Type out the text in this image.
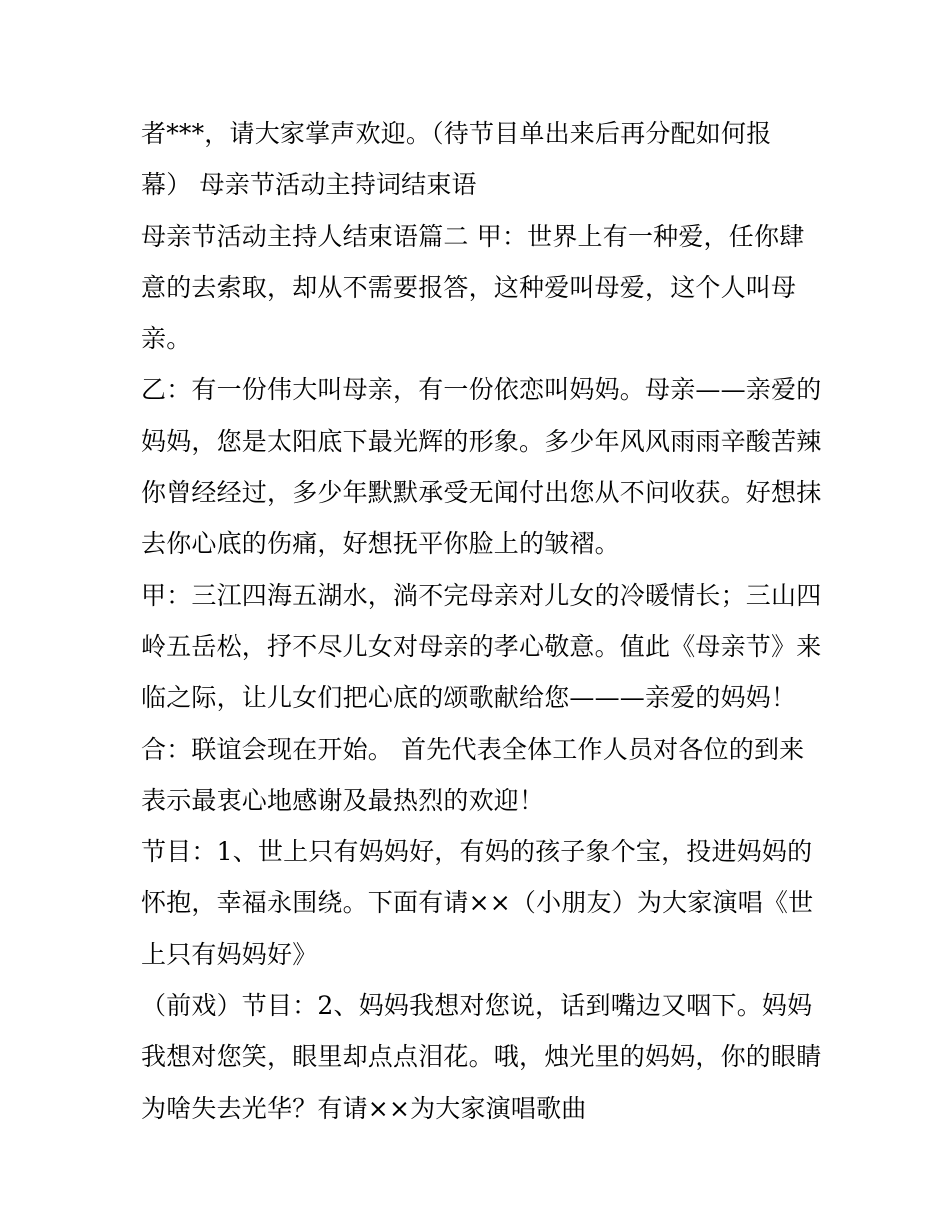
者***，请大家掌声欢迎。（待节目单出来后再分配如何报
幕） 母亲节活动主持词结束语
母亲节活动主持人结束语篇二 甲：世界上有一种爱，任你肆
意的去索取，却从不需要报答，这种爱叫母爱，这个人叫母
亲。
乙：有一份伟大叫母亲，有一份依恋叫妈妈。母亲——亲爱的
妈妈，您是太阳底下最光辉的形象。多少年风风雨雨辛酸苦辣
你曾经经过，多少年默默承受无闻付出您从不问收获。好想抹
去你心底的伤痛，好想抚平你脸上的皱褶。
甲：三江四海五湖水，淌不完母亲对儿女的冷暖情长；三山四
岭五岳松，抒不尽儿女对母亲的孝心敬意。值此《母亲节》来
临之际，让儿女们把心底的颂歌献给您———亲爱的妈妈！
合：联谊会现在开始。 首先代表全体工作人员对各位的到来
表示最衷心地感谢及最热烈的欢迎！
节目：1、世上只有妈妈好，有妈的孩子象个宝，投进妈妈的
怀抱，幸福永围绕。下面有请××（小朋友）为大家演唱《世
上只有妈妈好》
（前戏）节目：2、妈妈我想对您说，话到嘴边又咽下。妈妈
我想对您笑，眼里却点点泪花。哦，烛光里的妈妈，你的眼睛
为啥失去光华？有请××为大家演唱歌曲
